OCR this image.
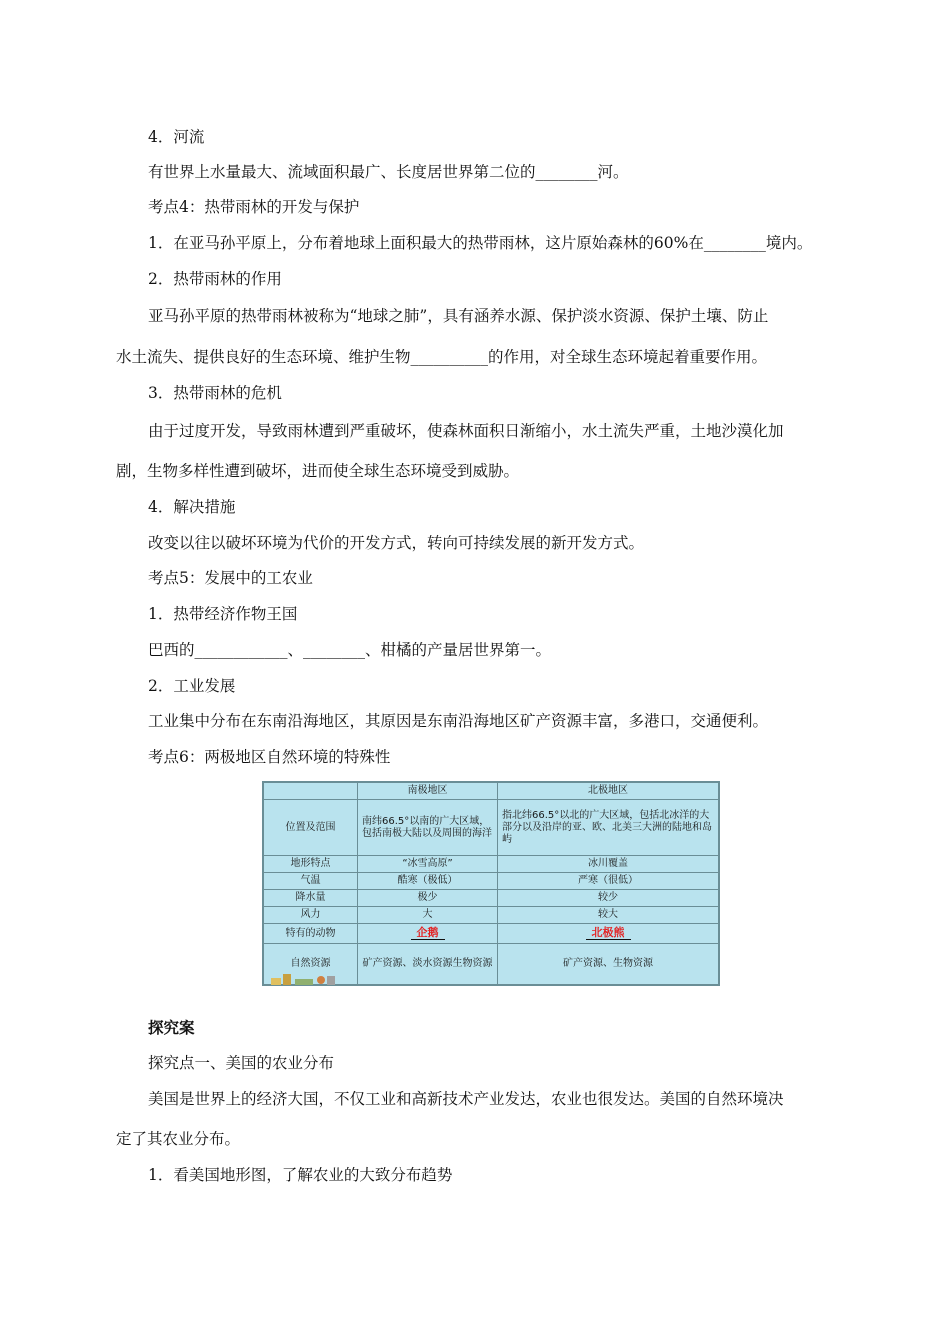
4．河流
有世界上水量最大、流域面积最广、长度居世界第二位的________河。
考点4：热带雨林的开发与保护
1．在亚马孙平原上，分布着地球上面积最大的热带雨林，这片原始森林的60%在________境内。
2．热带雨林的作用
亚马孙平原的热带雨林被称为“地球之肺”，具有涵养水源、保护淡水资源、保护土壤、防止
水土流失、提供良好的生态环境、维护生物__________的作用，对全球生态环境起着重要作用。
3．热带雨林的危机
由于过度开发，导致雨林遭到严重破坏，使森林面积日渐缩小，水土流失严重，土地沙漠化加
剧，生物多样性遭到破坏，进而使全球生态环境受到威胁。
4．解决措施
改变以往以破坏环境为代价的开发方式，转向可持续发展的新开发方式。
考点5：发展中的工农业
1．热带经济作物王国
巴西的____________、________、柑橘的产量居世界第一。
2．工业发展
工业集中分布在东南沿海地区，其原因是东南沿海地区矿产资源丰富，多港口，交通便利。
考点6：两极地区自然环境的特殊性
	南极地区	北极地区
位置及范围	南纬66.5°以南的广大区域，包括南极大陆以及周围的海洋	指北纬66.5°以北的广大区域，包括北冰洋的大部分以及沿岸的亚、欧、北美三大洲的陆地和岛屿
地形特点	“冰雪高原”	冰川覆盖
气温	酷寒（极低）	严寒（很低）
降水量	极少	较少
风力	大	较大
特有的动物	企鹅	北极熊
自然资源	矿产资源、淡水资源生物资源	矿产资源、生物资源
探究案
探究点一、美国的农业分布
美国是世界上的经济大国，不仅工业和高新技术产业发达，农业也很发达。美国的自然环境决
定了其农业分布。
1．看美国地形图，了解农业的大致分布趋势
